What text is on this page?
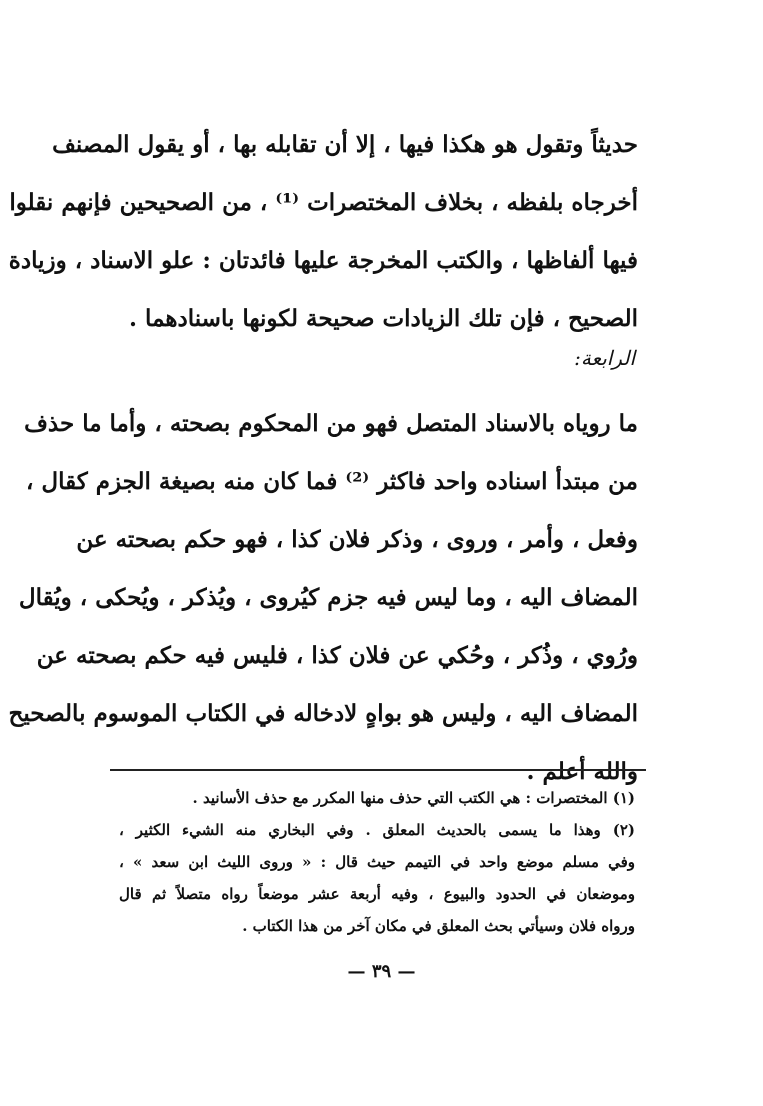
حديثاً وتقول هو هكذا فيها ، إلا أن تقابله بها ، أو يقول المصنف
أخرجاه بلفظه ، بخلاف المختصرات ⁽¹⁾ ، من الصحيحين فإنهم نقلوا
فيها ألفاظها ، والكتب المخرجة عليها فائدتان : علو الاسناد ، وزيادة
الصحيح ، فإن تلك الزيادات صحيحة لكونها باسنادهما .
الرابعة:
ما روياه بالاسناد المتصل فهو من المحكوم بصحته ، وأما ما حذف
من مبتدأ اسناده واحد فاكثر ⁽²⁾ فما كان منه بصيغة الجزم كقال ،
وفعل ، وأمر ، وروى ، وذكر فلان كذا ، فهو حكم بصحته عن
المضاف اليه ، وما ليس فيه جزم كيُروى ، ويُذكر ، ويُحكى ، ويُقال
ورُوي ، وذُكر ، وحُكي عن فلان كذا ، فليس فيه حكم بصحته عن
المضاف اليه ، وليس هو بواهٍ لادخاله في الكتاب الموسوم بالصحيح
والله أعلم .
(١) المختصرات : هي الكتب التي حذف منها المكرر مع حذف الأسانيد .
(٢) وهذا ما يسمى بالحديث المعلق . وفي البخاري منه الشيء الكثير ،
وفي مسلم موضع واحد في التيمم حيث قال : « وروى الليث ابن سعد » ،
وموضعان في الحدود والبيوع ، وفيه أربعة عشر موضعاً رواه متصلاً ثم قال
ورواه فلان وسيأتي بحث المعلق في مكان آخر من هذا الكتاب .
— ٣٩ —
